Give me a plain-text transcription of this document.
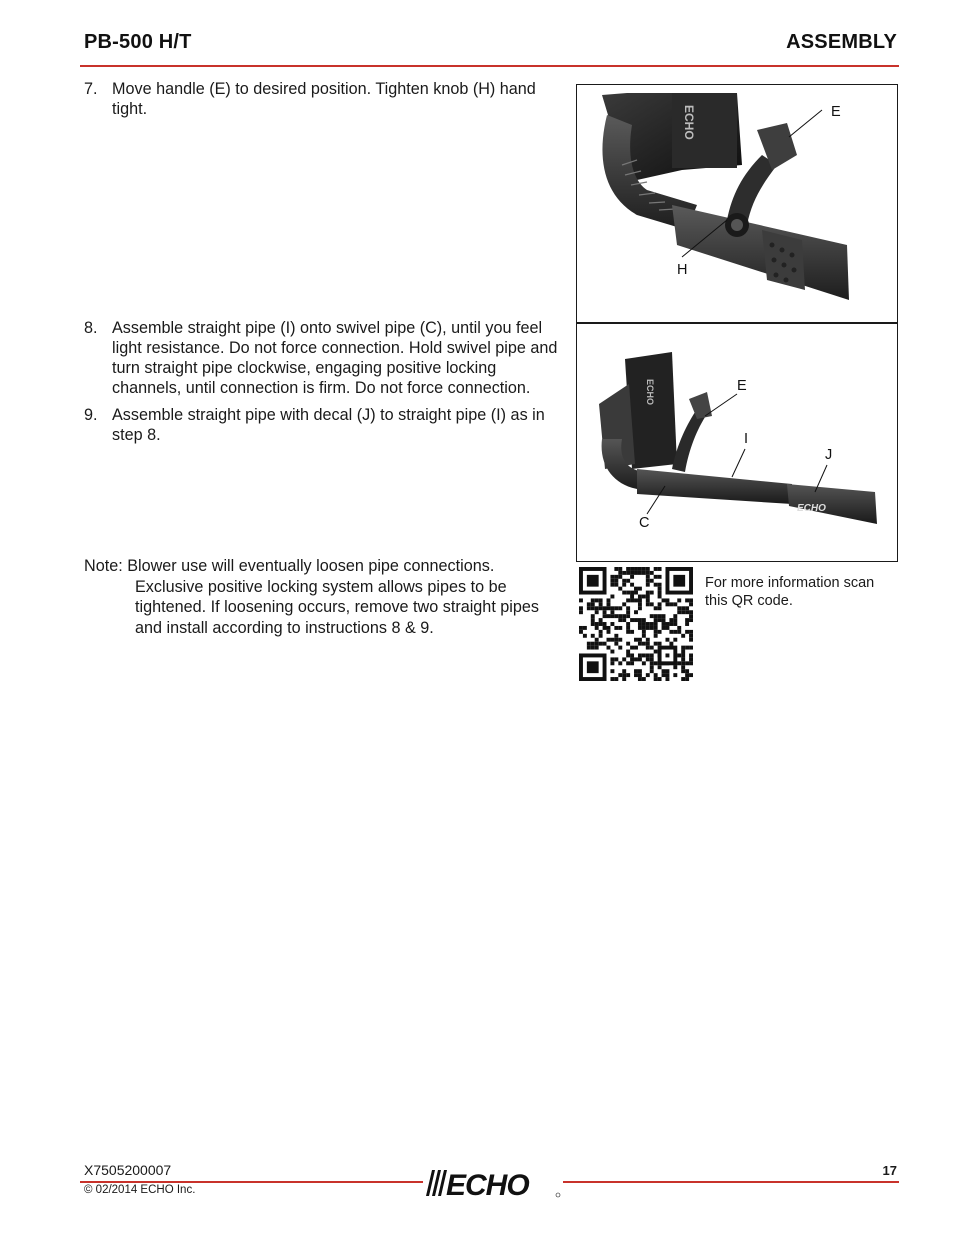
PB-500 H/T	ASSEMBLY
7. Move handle (E) to desired position. Tighten knob (H) hand tight.
8. Assemble straight pipe (I) onto swivel pipe (C), until you feel light resistance. Do not force connection. Hold swivel pipe and turn straight pipe clockwise, engaging positive locking channels, until connection is firm. Do not force connection.
9. Assemble straight pipe with decal (J) to straight pipe (I) as in step 8.
Note: Blower use will eventually loosen pipe connections.
Exclusive positive locking system allows pipes to be tightened. If loosening occurs, remove two straight pipes and install according to instructions 8 & 9.
ECHO	E
H
ECHO
ECHO
E
I
J
C
For more information scan this QR code.
X7505200007	ECHO
© 02/2014 ECHO Inc.
17
